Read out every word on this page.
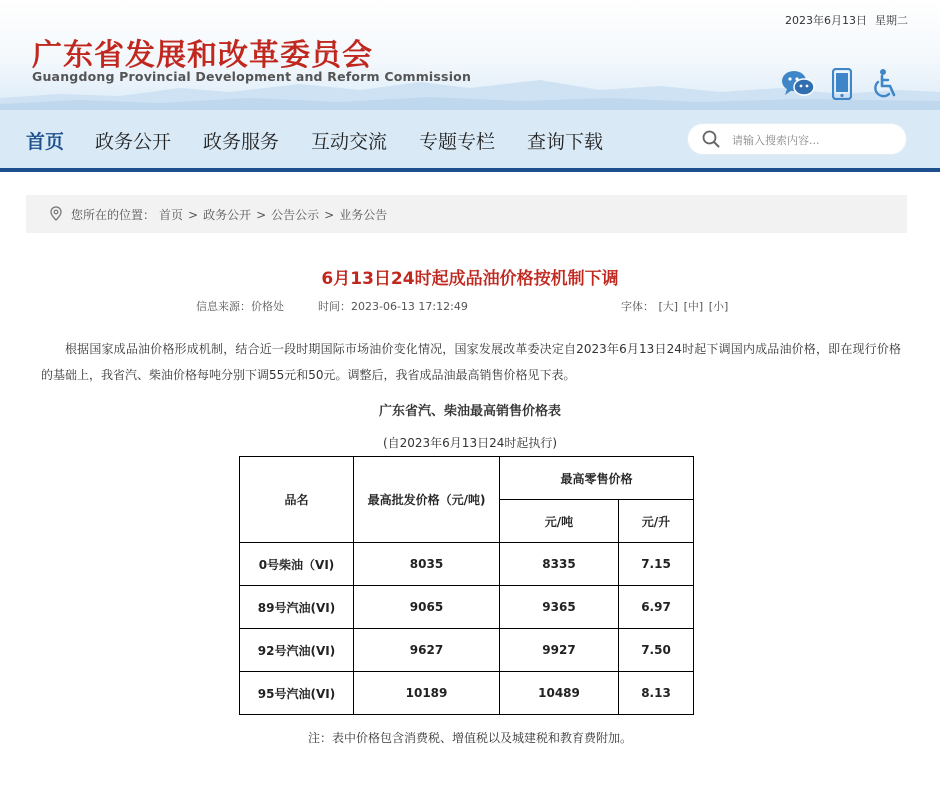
2023年6月13日 星期二
广东省发展和改革委员会
Guangdong Provincial Development and Reform Commission
首页 政务公开 政务服务 互动交流 专题专栏 查询下载
请输入搜索内容...
您所在的位置： 首页 > 政务公开 > 公告公示 > 业务公告
6月13日24时起成品油价格按机制下调
信息来源：价格处	时间：2023-06-13 17:12:49	字体： [大] [中] [小]
根据国家成品油价格形成机制，结合近一段时期国际市场油价变化情况，国家发展改革委决定自2023年6月13日24时起下调国内成品油价格，即在现行价格的基础上，我省汽、柴油价格每吨分别下调55元和50元。调整后，我省成品油最高销售价格见下表。
广东省汽、柴油最高销售价格表
(自2023年6月13日24时起执行)
品名	最高批发价格（元/吨)	最高零售价格	
		元/吨	元/升
0号柴油（VI)	8035	8335	7.15
89号汽油(VI)	9065	9365	6.97
92号汽油(VI)	9627	9927	7.50
95号汽油(VI)	10189	10489	8.13
注：表中价格包含消费税、增值税以及城建税和教育费附加。
